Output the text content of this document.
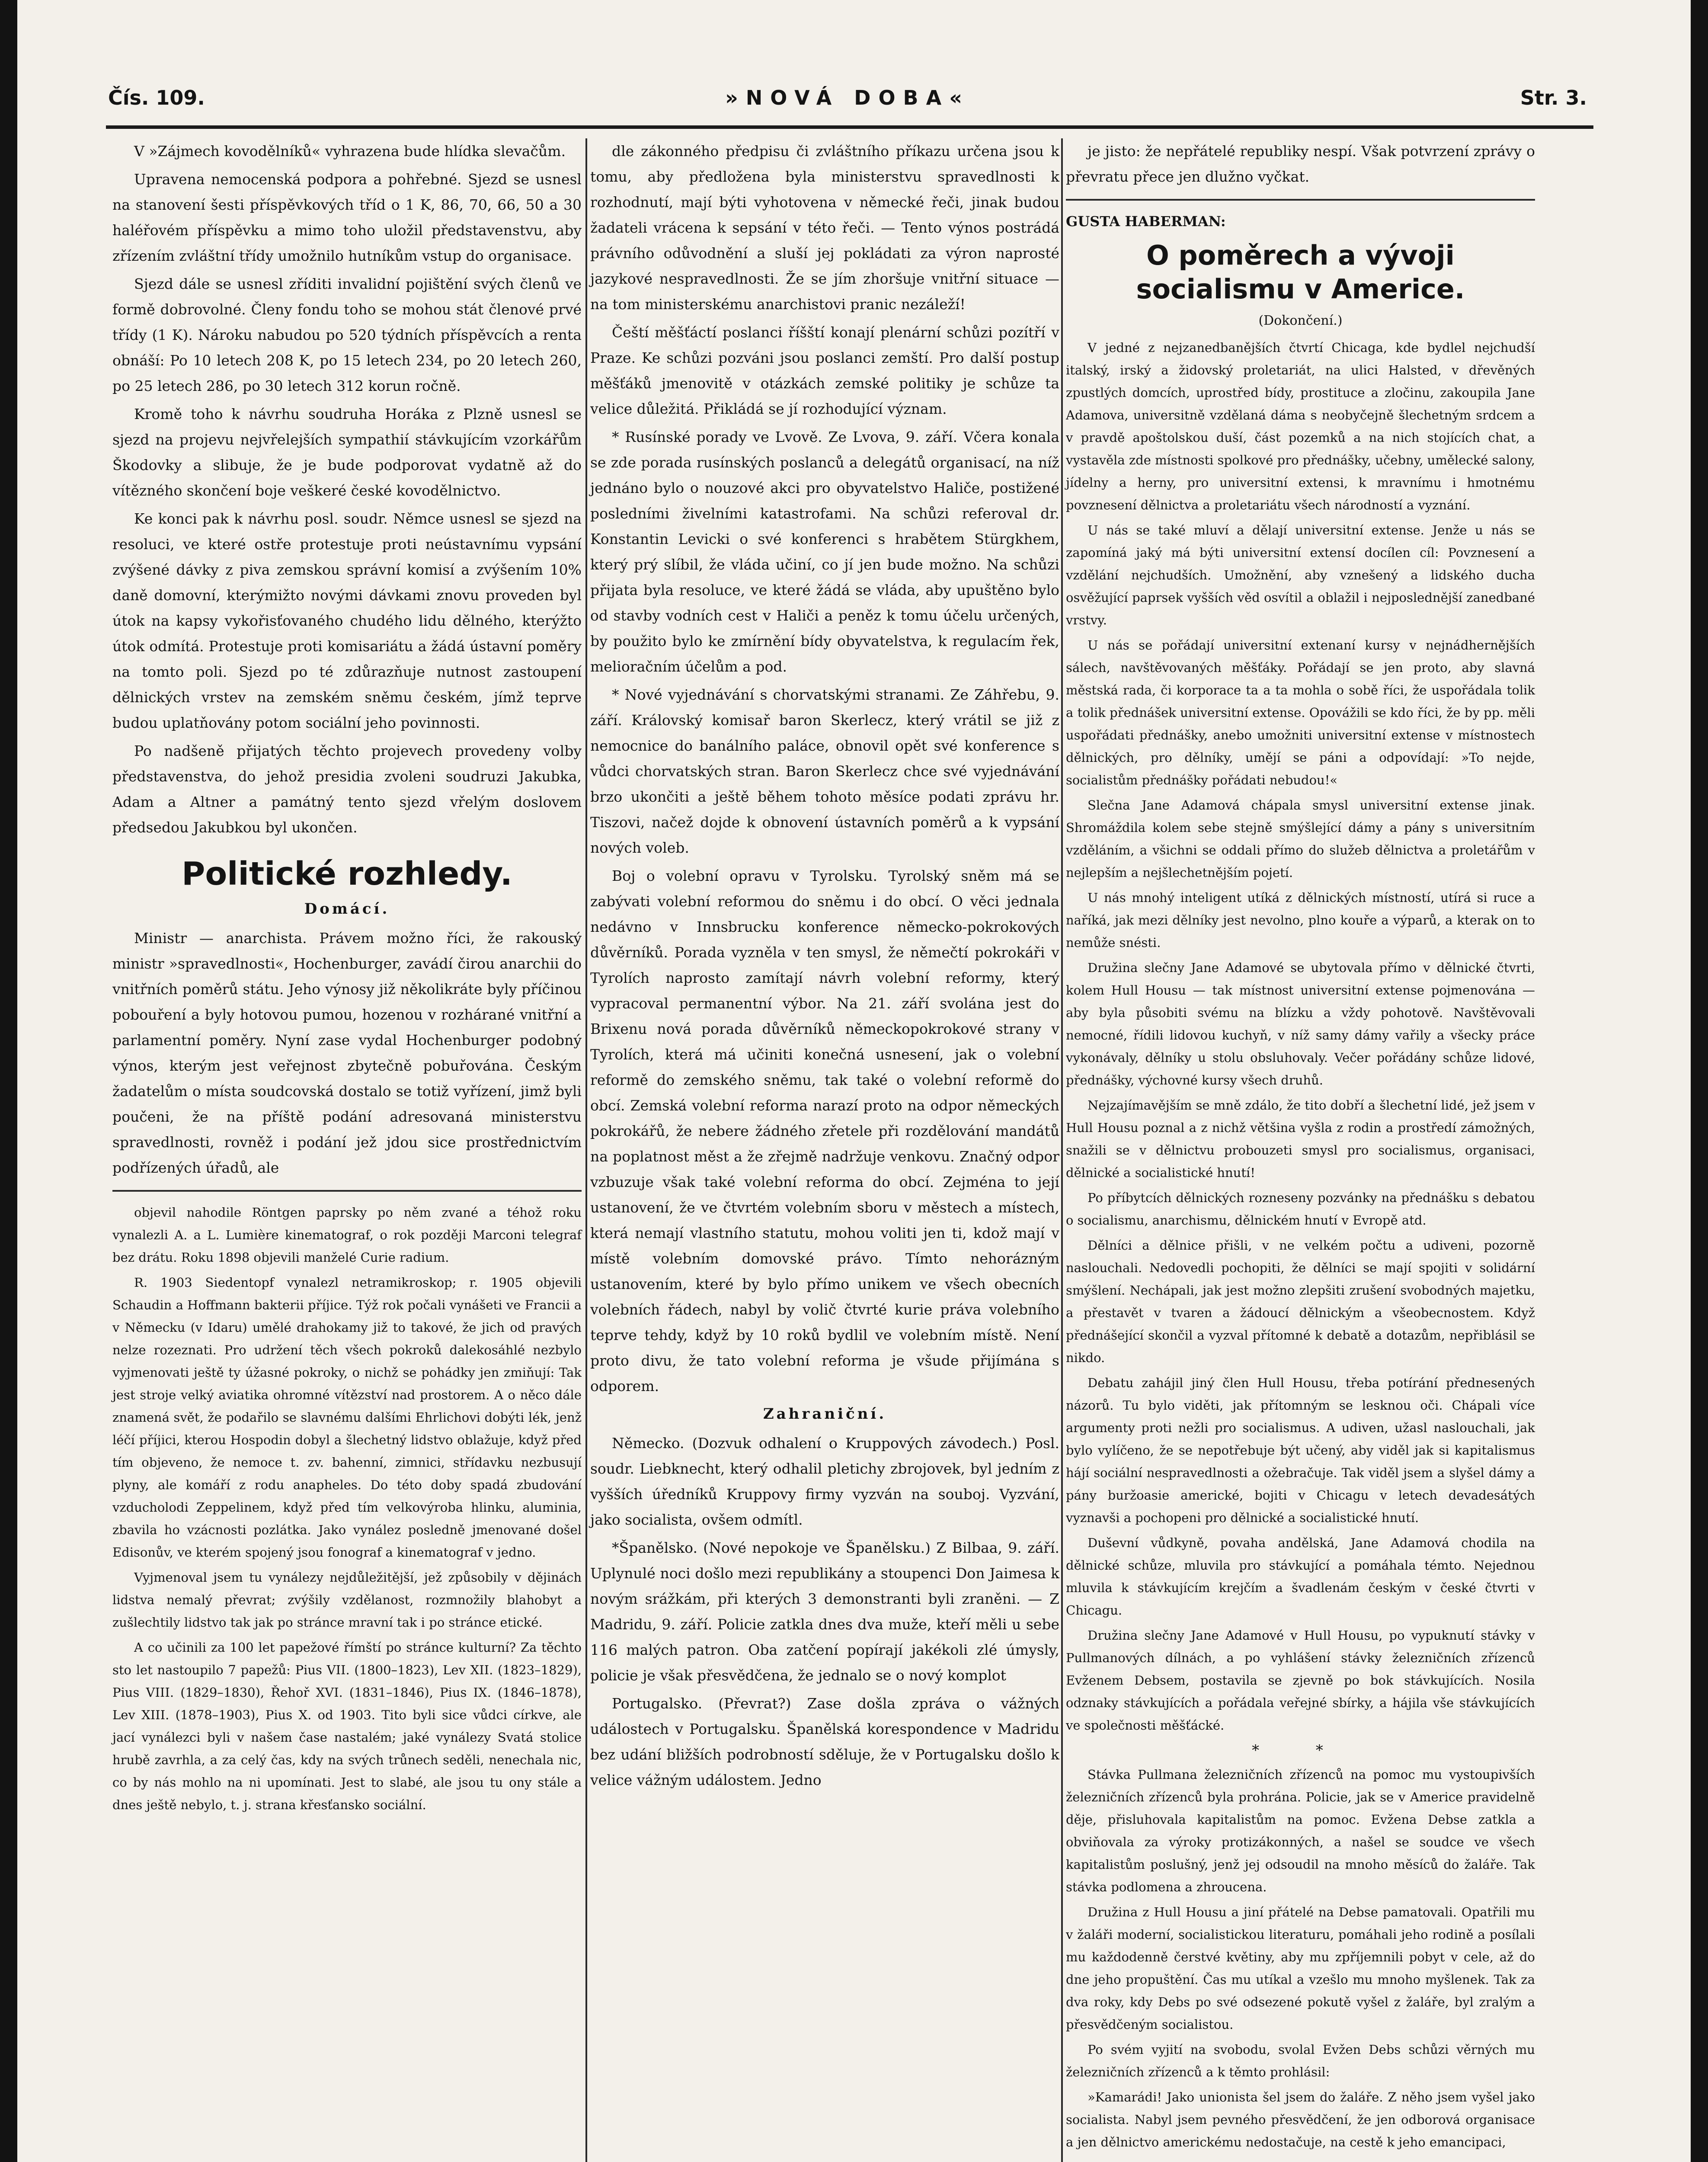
Čís. 109.	»NOVÁ DOBA«	Str. 3.

V »Zájmech kovodělníků« vyhrazena bude hlídka slevačům.

Upravena nemocenská podpora a pohřebné. Sjezd se usnesl na stanovení šesti příspěvkových tříd o 1 K, 86, 70, 66, 50 a 30 haléřovém příspěvku a mimo toho uložil představenstvu, aby zřízením zvláštní třídy umožnilo hutníkům vstup do organisace.

Sjezd dále se usnesl zříditi invalidní pojištění svých členů ve formě dobrovolné. Členy fondu toho se mohou stát členové prvé třídy (1 K). Nároku nabudou po 520 týdních příspěvcích a renta obnáší: Po 10 letech 208 K, po 15 letech 234, po 20 letech 260, po 25 letech 286, po 30 letech 312 korun ročně.

Kromě toho k návrhu soudruha Horáka z Plzně usnesl se sjezd na projevu nejvřelejších sympathií stávkujícím vzorkářům Škodovky a slibuje, že je bude podporovat vydatně až do vítězného skončení boje veškeré české kovodělnictvo.

Ke konci pak k návrhu posl. soudr. Němce usnesl se sjezd na resoluci, ve které ostře protestuje proti neústavnímu vypsání zvýšené dávky z piva zemskou správní komisí a zvýšením 10% daně domovní, kterýmižto novými dávkami znovu proveden byl útok na kapsy vykořisťovaného chudého lidu dělného, kterýžto útok odmítá. Protestuje proti komisariátu a žádá ústavní poměry na tomto poli. Sjezd po té zdůrazňuje nutnost zastoupení dělnických vrstev na zemském sněmu českém, jímž teprve budou uplatňovány potom sociální jeho povinnosti.

Po nadšeně přijatých těchto projevech provedeny volby představenstva, do jehož presidia zvoleni soudruzi Jakubka, Adam a Altner a památný tento sjezd vřelým doslovem předsedou Jakubkou byl ukončen.

Politické rozhledy.
Domácí.

Ministr — anarchista. Právem možno říci, že rakouský ministr »spravedlnosti«, Hochenburger, zavádí čirou anarchii do vnitřních poměrů státu. Jeho výnosy již několikráte byly příčinou pobouření a byly hotovou pumou, hozenou v rozhárané vnitřní a parlamentní poměry. Nyní zase vydal Hochenburger podobný výnos, kterým jest veřejnost zbytečně pobuřována. Českým žadatelům o místa soudcovská dostalo se totiž vyřízení, jimž byli poučeni, že na příště podání adresovaná ministerstvu spravedlnosti, rovněž i podání jež jdou sice prostřednictvím podřízených úřadů, ale

objevil nahodile Röntgen paprsky po něm zvané a téhož roku vynalezli A. a L. Lumière kinematograf, o rok později Marconi telegraf bez drátu. Roku 1898 objevili manželé Curie radium.

R. 1903 Siedentopf vynalezl netramikroskop; r. 1905 objevili Schaudin a Hoffmann bakterii příjice. Týž rok počali vynášeti ve Francii a v Německu (v Idaru) umělé drahokamy již to takové, že jich od pravých nelze rozeznati. Pro udržení těch všech pokroků dalekosáhlé nezbylo vyjmenovati ještě ty úžasné pokroky, o nichž se pohádky jen zmiňují: Tak jest stroje velký aviatika ohromné vítězství nad prostorem. A o něco dále znamená svět, že podařilo se slavnému dalšími Ehrlichovi dobýti lék, jenž léčí příjici, kterou Hospodin dobyl a šlechetný lidstvo oblažuje, když před tím objeveno, že nemoce t. zv. bahenní, zimnici, střídavku nezbusují plyny, ale komáří z rodu anapheles. Do této doby spadá zbudování vzducholodi Zeppelinem, když před tím velkovýroba hlinku, aluminia, zbavila ho vzácnosti pozlátka. Jako vynález posledně jmenované došel Edisonův, ve kterém spojený jsou fonograf a kinematograf v jedno.

Vyjmenoval jsem tu vynálezy nejdůležitější, jež způsobily v dějinách lidstva nemalý převrat; zvýšily vzdělanost, rozmnožily blahobyt a zušlechtily lidstvo tak jak po stránce mravní tak i po stránce etické.

A co učinili za 100 let papežové římští po stránce kulturní? Za těchto sto let nastoupilo 7 papežů: Pius VII. (1800–1823), Lev XII. (1823–1829), Pius VIII. (1829–1830), Řehoř XVI. (1831–1846), Pius IX. (1846–1878), Lev XIII. (1878–1903), Pius X. od 1903. Tito byli sice vůdci církve, ale jací vynálezci byli v našem čase nastalém; jaké vynálezy Svatá stolice hrubě zavrhla, a za celý čas, kdy na svých trůnech seděli, nenechala nic, co by nás mohlo na ni upomínati. Jest to slabé, ale jsou tu ony stále a dnes ještě nebylo, t. j. strana křesťansko sociální.

dle zákonného předpisu či zvláštního příkazu určena jsou k tomu, aby předložena byla ministerstvu spravedlnosti k rozhodnutí, mají býti vyhotovena v německé řeči, jinak budou žadateli vrácena k sepsání v této řeči. — Tento výnos postrádá právního odůvodnění a sluší jej pokládati za výron naprosté jazykové nespravedlnosti. Že se jím zhoršuje vnitřní situace — na tom ministerskému anarchistovi pranic nezáleží!

Čeští měšťáctí poslanci říšští konají plenární schůzi pozítří v Praze. Ke schůzi pozváni jsou poslanci zemští. Pro další postup měšťáků jmenovitě v otázkách zemské politiky je schůze ta velice důležitá. Přikládá se jí rozhodující význam.

* Rusínské porady ve Lvově. Ze Lvova, 9. září. Včera konala se zde porada rusínských poslanců a delegátů organisací, na níž jednáno bylo o nouzové akci pro obyvatelstvo Haliče, postižené posledními živelními katastrofami. Na schůzi referoval dr. Konstantin Levicki o své konferenci s hrabětem Stürgkhem, který prý slíbil, že vláda učiní, co jí jen bude možno. Na schůzi přijata byla resoluce, ve které žádá se vláda, aby upuštěno bylo od stavby vodních cest v Haliči a peněz k tomu účelu určených, by použito bylo ke zmírnění bídy obyvatelstva, k regulacím řek, melioračním účelům a pod.

* Nové vyjednávání s chorvatskými stranami. Ze Záhřebu, 9. září. Královský komisař baron Skerlecz, který vrátil se již z nemocnice do banálního paláce, obnovil opět své konference s vůdci chorvatských stran. Baron Skerlecz chce své vyjednávání brzo ukončiti a ještě během tohoto měsíce podati zprávu hr. Tiszovi, načež dojde k obnovení ústavních poměrů a k vypsání nových voleb.

Boj o volební opravu v Tyrolsku. Tyrolský sněm má se zabývati volební reformou do sněmu i do obcí. O věci jednala nedávno v Innsbrucku konference německo-pokrokových důvěrníků. Porada vyzněla v ten smysl, že němečtí pokrokáři v Tyrolích naprosto zamítají návrh volební reformy, který vypracoval permanentní výbor. Na 21. září svolána jest do Brixenu nová porada důvěrníků německopokrokové strany v Tyrolích, která má učiniti konečná usnesení, jak o volební reformě do zemského sněmu, tak také o volební reformě do obcí. Zemská volební reforma narazí proto na odpor německých pokrokářů, že nebere žádného zřetele při rozdělování mandátů na poplatnost měst a že zřejmě nadržuje venkovu. Značný odpor vzbuzuje však také volební reforma do obcí. Zejména to její ustanovení, že ve čtvrtém volebním sboru v městech a místech, která nemají vlastního statutu, mohou voliti jen ti, kdož mají v místě volebním domovské právo. Tímto nehorázným ustanovením, které by bylo přímo unikem ve všech obecních volebních řádech, nabyl by volič čtvrté kurie práva volebního teprve tehdy, když by 10 roků bydlil ve volebním místě. Není proto divu, že tato volební reforma je všude přijímána s odporem.

Zahraniční.

Německo. (Dozvuk odhalení o Kruppových závodech.) Posl. soudr. Liebknecht, který odhalil pletichy zbrojovek, byl jedním z vyšších úředníků Kruppovy firmy vyzván na souboj. Vyzvání, jako socialista, ovšem odmítl.

*Španělsko. (Nové nepokoje ve Španělsku.) Z Bilbaa, 9. září. Uplynulé noci došlo mezi republikány a stoupenci Don Jaimesa k novým srážkám, při kterých 3 demonstranti byli zraněni. — Z Madridu, 9. září. Policie zatkla dnes dva muže, kteří měli u sebe 116 malých patron. Oba zatčení popírají jakékoli zlé úmysly, policie je však přesvědčena, že jednalo se o nový komplot

Portugalsko. (Převrat?) Zase došla zpráva o vážných událostech v Portugalsku. Španělská korespondence v Madridu bez udání bližších podrobností sděluje, že v Portugalsku došlo k velice vážným událostem. Jedno

je jisto: že nepřátelé republiky nespí. Však potvrzení zprávy o převratu přece jen dlužno vyčkat.

GUSTA HABERMAN:
O poměrech a vývoji socialismu v Americe.
(Dokončení.)

V jedné z nejzanedbanějších čtvrtí Chicaga, kde bydlel nejchudší italský, irský a židovský proletariát, na ulici Halsted, v dřevěných zpustlých domcích, uprostřed bídy, prostituce a zločinu, zakoupila Jane Adamova, universitně vzdělaná dáma s neobyčejně šlechetným srdcem a v pravdě apoštolskou duší, část pozemků a na nich stojících chat, a vystavěla zde místnosti spolkové pro přednášky, učebny, umělecké salony, jídelny a herny, pro universitní extensi, k mravnímu i hmotnému povznesení dělnictva a proletariátu všech národností a vyznání.

U nás se také mluví a dělají universitní extense. Jenže u nás se zapomíná jaký má býti universitní extensí docílen cíl: Povznesení a vzdělání nejchudších. Umožnění, aby vznešený a lidského ducha osvěžující paprsek vyšších věd osvítil a oblažil i nejposlednější zanedbané vrstvy.

U nás se pořádají universitní extenaní kursy v nejnádhernějších sálech, navštěvovaných měšťáky. Pořádají se jen proto, aby slavná městská rada, či korporace ta a ta mohla o sobě říci, že uspořádala tolik a tolik přednášek universitní extense. Opovážili se kdo říci, že by pp. měli uspořádati přednášky, anebo umožniti universitní extense v místnostech dělnických, pro dělníky, umějí se páni a odpovídají: »To nejde, socialistům přednášky pořádati nebudou!«

Slečna Jane Adamová chápala smysl universitní extense jinak. Shromáždila kolem sebe stejně smýšlející dámy a pány s universitním vzděláním, a všichni se oddali přímo do služeb dělnictva a proletářům v nejlepším a nejšlechetnějším pojetí.

U nás mnohý inteligent utíká z dělnických místností, utírá si ruce a naříká, jak mezi dělníky jest nevolno, plno kouře a výparů, a kterak on to nemůže snésti.

Družina slečny Jane Adamové se ubytovala přímo v dělnické čtvrti, kolem Hull Housu — tak místnost universitní extense pojmenována — aby byla působiti svému na blízku a vždy pohotově. Navštěvovali nemocné, řídili lidovou kuchyň, v níž samy dámy vařily a všecky práce vykonávaly, dělníky u stolu obsluhovaly. Večer pořádány schůze lidové, přednášky, výchovné kursy všech druhů.

Nejzajímavějším se mně zdálo, že tito dobří a šlechetní lidé, jež jsem v Hull Housu poznal a z nichž většina vyšla z rodin a prostředí zámožných, snažili se v dělnictvu probouzeti smysl pro socialismus, organisaci, dělnické a socialistické hnutí!

Po příbytcích dělnických rozneseny pozvánky na přednášku s debatou o socialismu, anarchismu, dělnickém hnutí v Evropě atd.

Dělníci a dělnice přišli, v ne velkém počtu a udiveni, pozorně naslouchali. Nedovedli pochopiti, že dělníci se mají spojiti v solidární smýšlení. Nechápali, jak jest možno zlepšiti zrušení svobodných majetku, a přestavět v tvaren a žádoucí dělnickým a všeobecnostem. Když přednášející skončil a vyzval přítomné k debatě a dotazům, nepřiblásil se nikdo.

Debatu zahájil jiný člen Hull Housu, třeba potírání přednesených názorů. Tu bylo viděti, jak přítomným se lesknou oči. Chápali více argumenty proti nežli pro socialismus. A udiven, užasl naslouchali, jak bylo vylíčeno, že se nepotřebuje být učený, aby viděl jak si kapitalismus hájí sociální nespravedlnosti a ožebračuje. Tak viděl jsem a slyšel dámy a pány buržoasie americké, bojiti v Chicagu v letech devadesátých vyznavši a pochopeni pro dělnické a socialistické hnutí.

Duševní vůdkyně, povaha andělská, Jane Adamová chodila na dělnické schůze, mluvila pro stávkující a pomáhala témto. Nejednou mluvila k stávkujícím krejčím a švadlenám českým v české čtvrti v Chicagu.

Družina slečny Jane Adamové v Hull Housu, po vypuknutí stávky v Pullmanových dílnách, a po vyhlášení stávky železničních zřízenců Evženem Debsem, postavila se zjevně po bok stávkujících. Nosila odznaky stávkujících a pořádala veřejné sbírky, a hájila vše stávkujících ve společnosti měšťácké.

* *

Stávka Pullmana železničních zřízenců na pomoc mu vystoupivších železničních zřízenců byla prohrána. Policie, jak se v Americe pravidelně děje, přisluhovala kapitalistům na pomoc. Evžena Debse zatkla a obviňovala za výroky protizákonných, a našel se soudce ve všech kapitalistům poslušný, jenž jej odsoudil na mnoho měsíců do žaláře. Tak stávka podlomena a zhroucena.

Družina z Hull Housu a jiní přátelé na Debse pamatovali. Opatřili mu v žaláři moderní, socialistickou literaturu, pomáhali jeho rodině a posílali mu každodenně čerstvé květiny, aby mu zpříjemnili pobyt v cele, až do dne jeho propuštění. Čas mu utíkal a vzešlo mu mnoho myšlenek. Tak za dva roky, kdy Debs po své odsezené pokutě vyšel z žaláře, byl zralým a přesvědčeným socialistou.

Po svém vyjití na svobodu, svolal Evžen Debs schůzi věrných mu železničních zřízenců a k těmto prohlásil:

»Kamarádi! Jako unionista šel jsem do žaláře. Z něho jsem vyšel jako socialista. Nabyl jsem pevného přesvědčení, že jen odborová organisace a jen dělnictvo americkému nedostačuje, na cestě k jeho emancipaci,
